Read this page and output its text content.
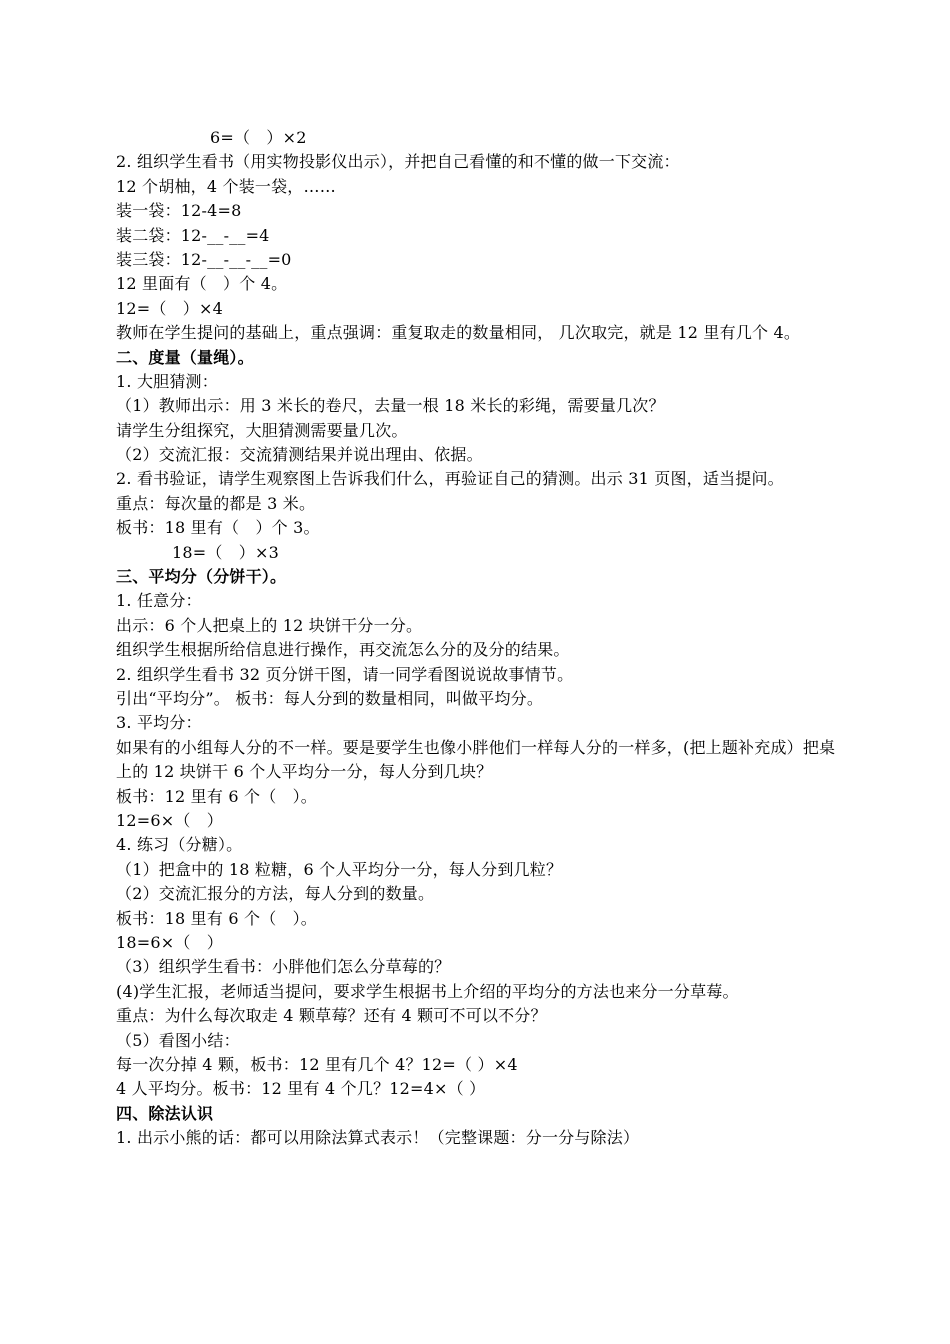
6=（　）×2
2. 组织学生看书（用实物投影仪出示），并把自己看懂的和不懂的做一下交流：
12 个胡柚，4 个装一袋，……
装一袋：12-4=8
装二袋：12-__-__=4
装三袋：12-__-__-__=0
12 里面有（　）个 4。
12=（　）×4
教师在学生提问的基础上，重点强调：重复取走的数量相同， 几次取完，就是 12 里有几个 4。
二、度量（量绳）。
1. 大胆猜测：
（1）教师出示：用 3 米长的卷尺，去量一根 18 米长的彩绳，需要量几次？
请学生分组探究，大胆猜测需要量几次。
（2）交流汇报：交流猜测结果并说出理由、依据。
2. 看书验证，请学生观察图上告诉我们什么，再验证自己的猜测。出示 31 页图，适当提问。
重点：每次量的都是 3 米。
板书：18 里有（　）个 3。
18=（　）×3
三、平均分（分饼干）。
1. 任意分：
出示：6 个人把桌上的 12 块饼干分一分。
组织学生根据所给信息进行操作，再交流怎么分的及分的结果。
2. 组织学生看书 32 页分饼干图，请一同学看图说说故事情节。
引出“平均分”。 板书：每人分到的数量相同，叫做平均分。
3. 平均分：
如果有的小组每人分的不一样。要是要学生也像小胖他们一样每人分的一样多，(把上题补充成）把桌上的 12 块饼干 6 个人平均分一分，每人分到几块？
板书：12 里有 6 个（　）。
12=6×（　）
4. 练习（分糖）。
（1）把盒中的 18 粒糖，6 个人平均分一分，每人分到几粒？
（2）交流汇报分的方法，每人分到的数量。
板书：18 里有 6 个（　）。
18=6×（　）
（3）组织学生看书：小胖他们怎么分草莓的？
(4)学生汇报，老师适当提问，要求学生根据书上介绍的平均分的方法也来分一分草莓。
重点：为什么每次取走 4 颗草莓？还有 4 颗可不可以不分？
（5）看图小结：
每一次分掉 4 颗，板书：12 里有几个 4？12=（ ）×4
4 人平均分。板书：12 里有 4 个几？12=4×（ ）
四、除法认识
1. 出示小熊的话：都可以用除法算式表示！（完整课题：分一分与除法）
